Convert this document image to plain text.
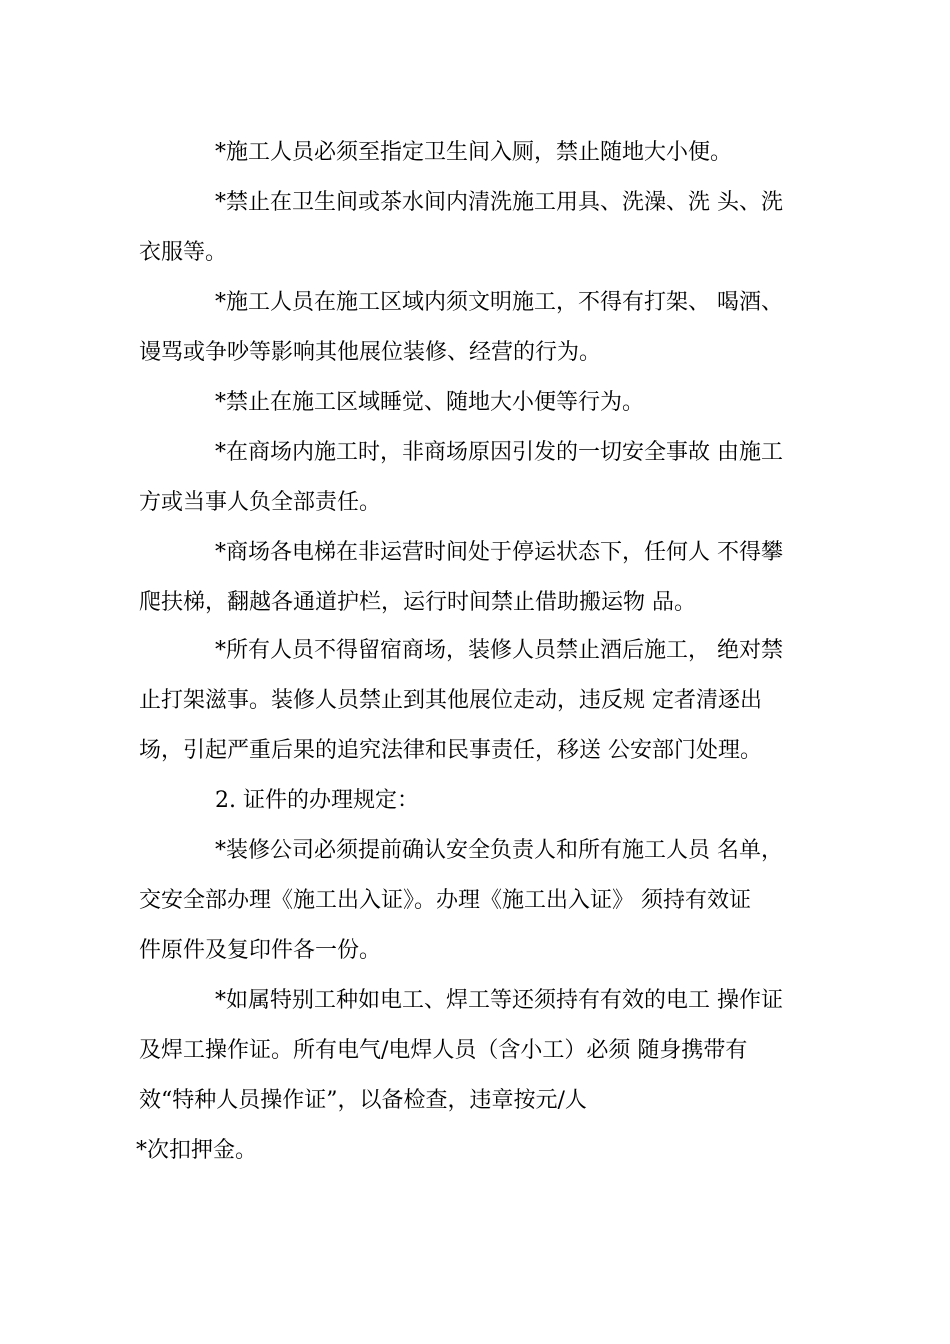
*施工人员必须至指定卫生间入厕，禁止随地大小便。
*禁止在卫生间或茶水间内清洗施工用具、洗澡、洗 头、洗
衣服等。
*施工人员在施工区域内须文明施工，不得有打架、 喝酒、
谩骂或争吵等影响其他展位装修、经营的行为。
*禁止在施工区域睡觉、随地大小便等行为。
*在商场内施工时，非商场原因引发的一切安全事故 由施工
方或当事人负全部责任。
*商场各电梯在非运营时间处于停运状态下，任何人 不得攀
爬扶梯，翻越各通道护栏，运行时间禁止借助搬运物 品。
*所有人员不得留宿商场，装修人员禁止酒后施工， 绝对禁
止打架滋事。装修人员禁止到其他展位走动，违反规 定者清逐出
场，引起严重后果的追究法律和民事责任，移送 公安部门处理。
2. 证件的办理规定：
*装修公司必须提前确认安全负责人和所有施工人员 名单，
交安全部办理《施工出入证》。办理《施工出入证》 须持有效证
件原件及复印件各一份。
*如属特别工种如电工、焊工等还须持有有效的电工 操作证
及焊工操作证。所有电气/电焊人员（含小工）必须 随身携带有
效“特种人员操作证”，以备检查，违章按元/人
*次扣押金。
